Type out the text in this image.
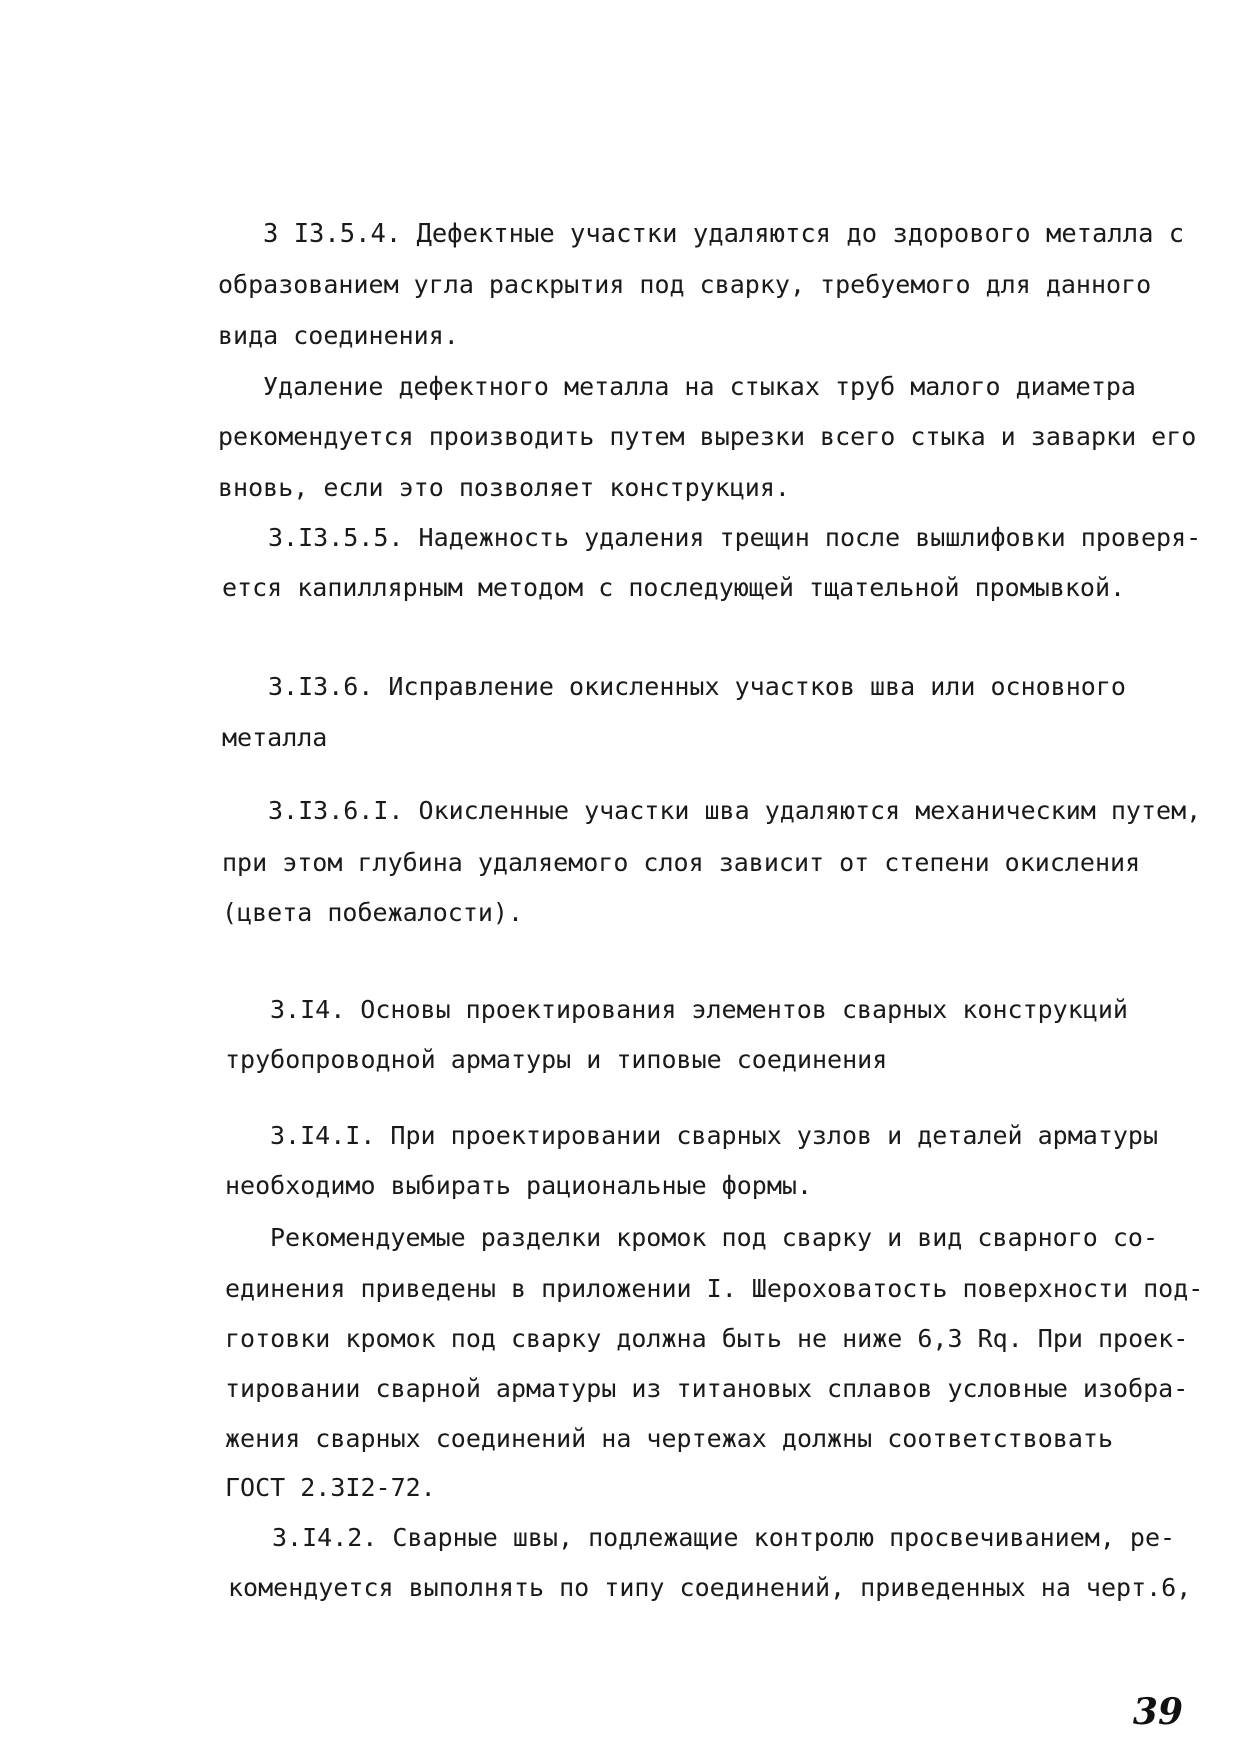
3 I3.5.4. Дефектные участки удаляются до здорового металла с
образованием угла раскрытия под сварку, требуемого для данного
вида соединения.
Удаление дефектного металла на стыках труб малого диаметра
рекомендуется производить путем вырезки всего стыка и заварки его
вновь, если это позволяет конструкция.
3.I3.5.5. Надежность удаления трещин после вышлифовки проверя-
ется капиллярным методом с последующей тщательной промывкой.
3.I3.6. Исправление окисленных участков шва или основного
металла
3.I3.6.I. Окисленные участки шва удаляются механическим путем,
при этом глубина удаляемого слоя зависит от степени окисления
(цвета побежалости).
3.I4. Основы проектирования элементов сварных конструкций
трубопроводной арматуры и типовые соединения
3.I4.I. При проектировании сварных узлов и деталей арматуры
необходимо выбирать рациональные формы.
Рекомендуемые разделки кромок под сварку и вид сварного со-
единения приведены в приложении I. Шероховатость поверхности под-
готовки кромок под сварку должна быть не ниже 6,3 Rq. При проек-
тировании сварной арматуры из титановых сплавов условные изобра-
жения сварных соединений на чертежах должны соответствовать
ГОСТ 2.3I2-72.
3.I4.2. Сварные швы, подлежащие контролю просвечиванием, ре-
комендуется выполнять по типу соединений, приведенных на черт.6,
39
